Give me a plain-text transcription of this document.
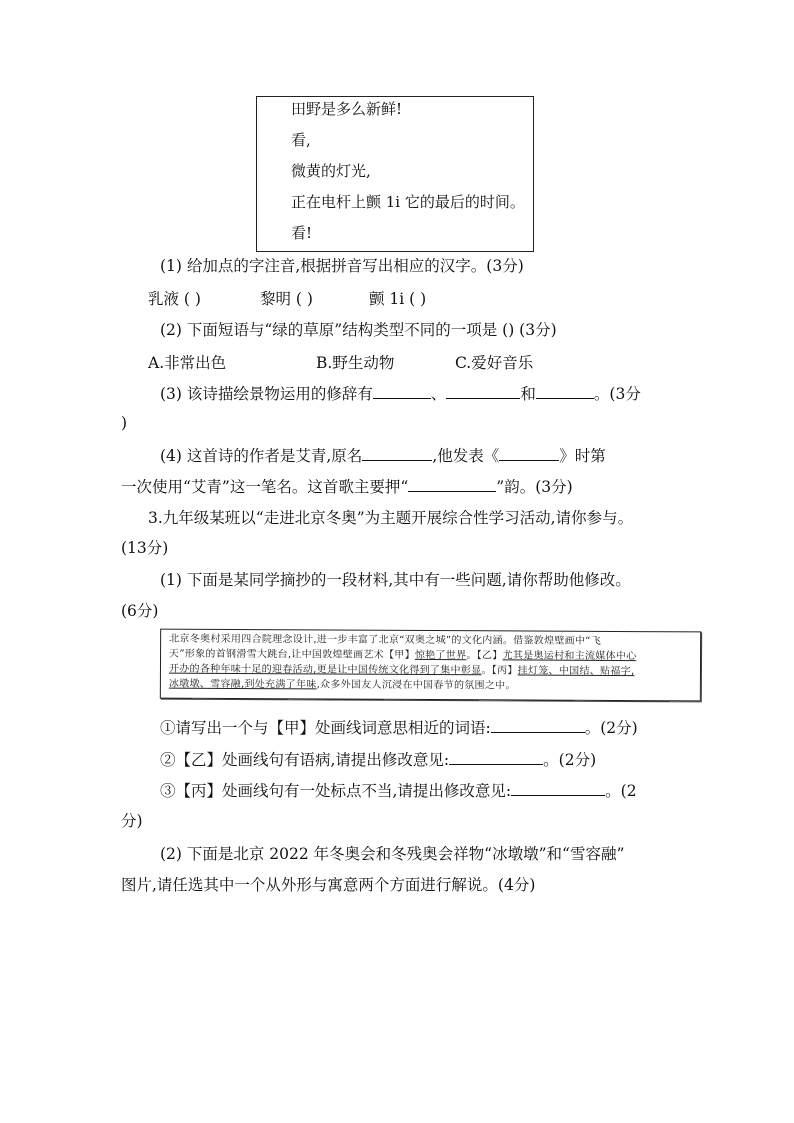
田野是多么新鲜!
看,
微黄的灯光,
正在电杆上颤 1i 它的最后的时间。
看!
(1) 给加点的字注音,根据拼音写出相应的汉字。(3分)
乳液 ( )	黎明 ( )	颤 1i ( )
(2) 下面短语与“绿的草原”结构类型不同的一项是 () (3分)
A.非常出色	B.野生动物	C.爱好音乐
(3) 该诗描绘景物运用的修辞有	、	和	。(3分
)
(4) 这首诗的作者是艾青,原名	,他发表《	》时第
一次使用“艾青”这一笔名。这首歌主要押“	”韵。(3分)
3.九年级某班以“走进北京冬奥”为主题开展综合性学习活动,请你参与。
(13分)
(1) 下面是某同学摘抄的一段材料,其中有一些问题,请你帮助他修改。
(6分)
北京冬奥村采用四合院理念设计,进一步丰富了北京“双奥之城”的文化内涵。借鉴敦煌壁画中“飞
天”形象的首钢滑雪大跳台,让中国敦煌壁画艺术【甲】惊艳了世界。【乙】尤其是奥运村和主流媒体中心
开办的各种年味十足的迎春活动,更是让中国传统文化得到了集中彰显。【丙】挂灯笼、中国结、贴福字,
冰墩墩、雪容融,到处充满了年味,众多外国友人沉浸在中国春节的氛围之中。
①请写出一个与【甲】处画线词意思相近的词语:	。(2分)
②【乙】处画线句有语病,请提出修改意见:	。(2分)
③【丙】处画线句有一处标点不当,请提出修改意见:	。(2
分)
(2) 下面是北京 2022 年冬奥会和冬残奥会祥物“冰墩墩”和“雪容融”
图片,请任选其中一个从外形与寓意两个方面进行解说。(4分)
